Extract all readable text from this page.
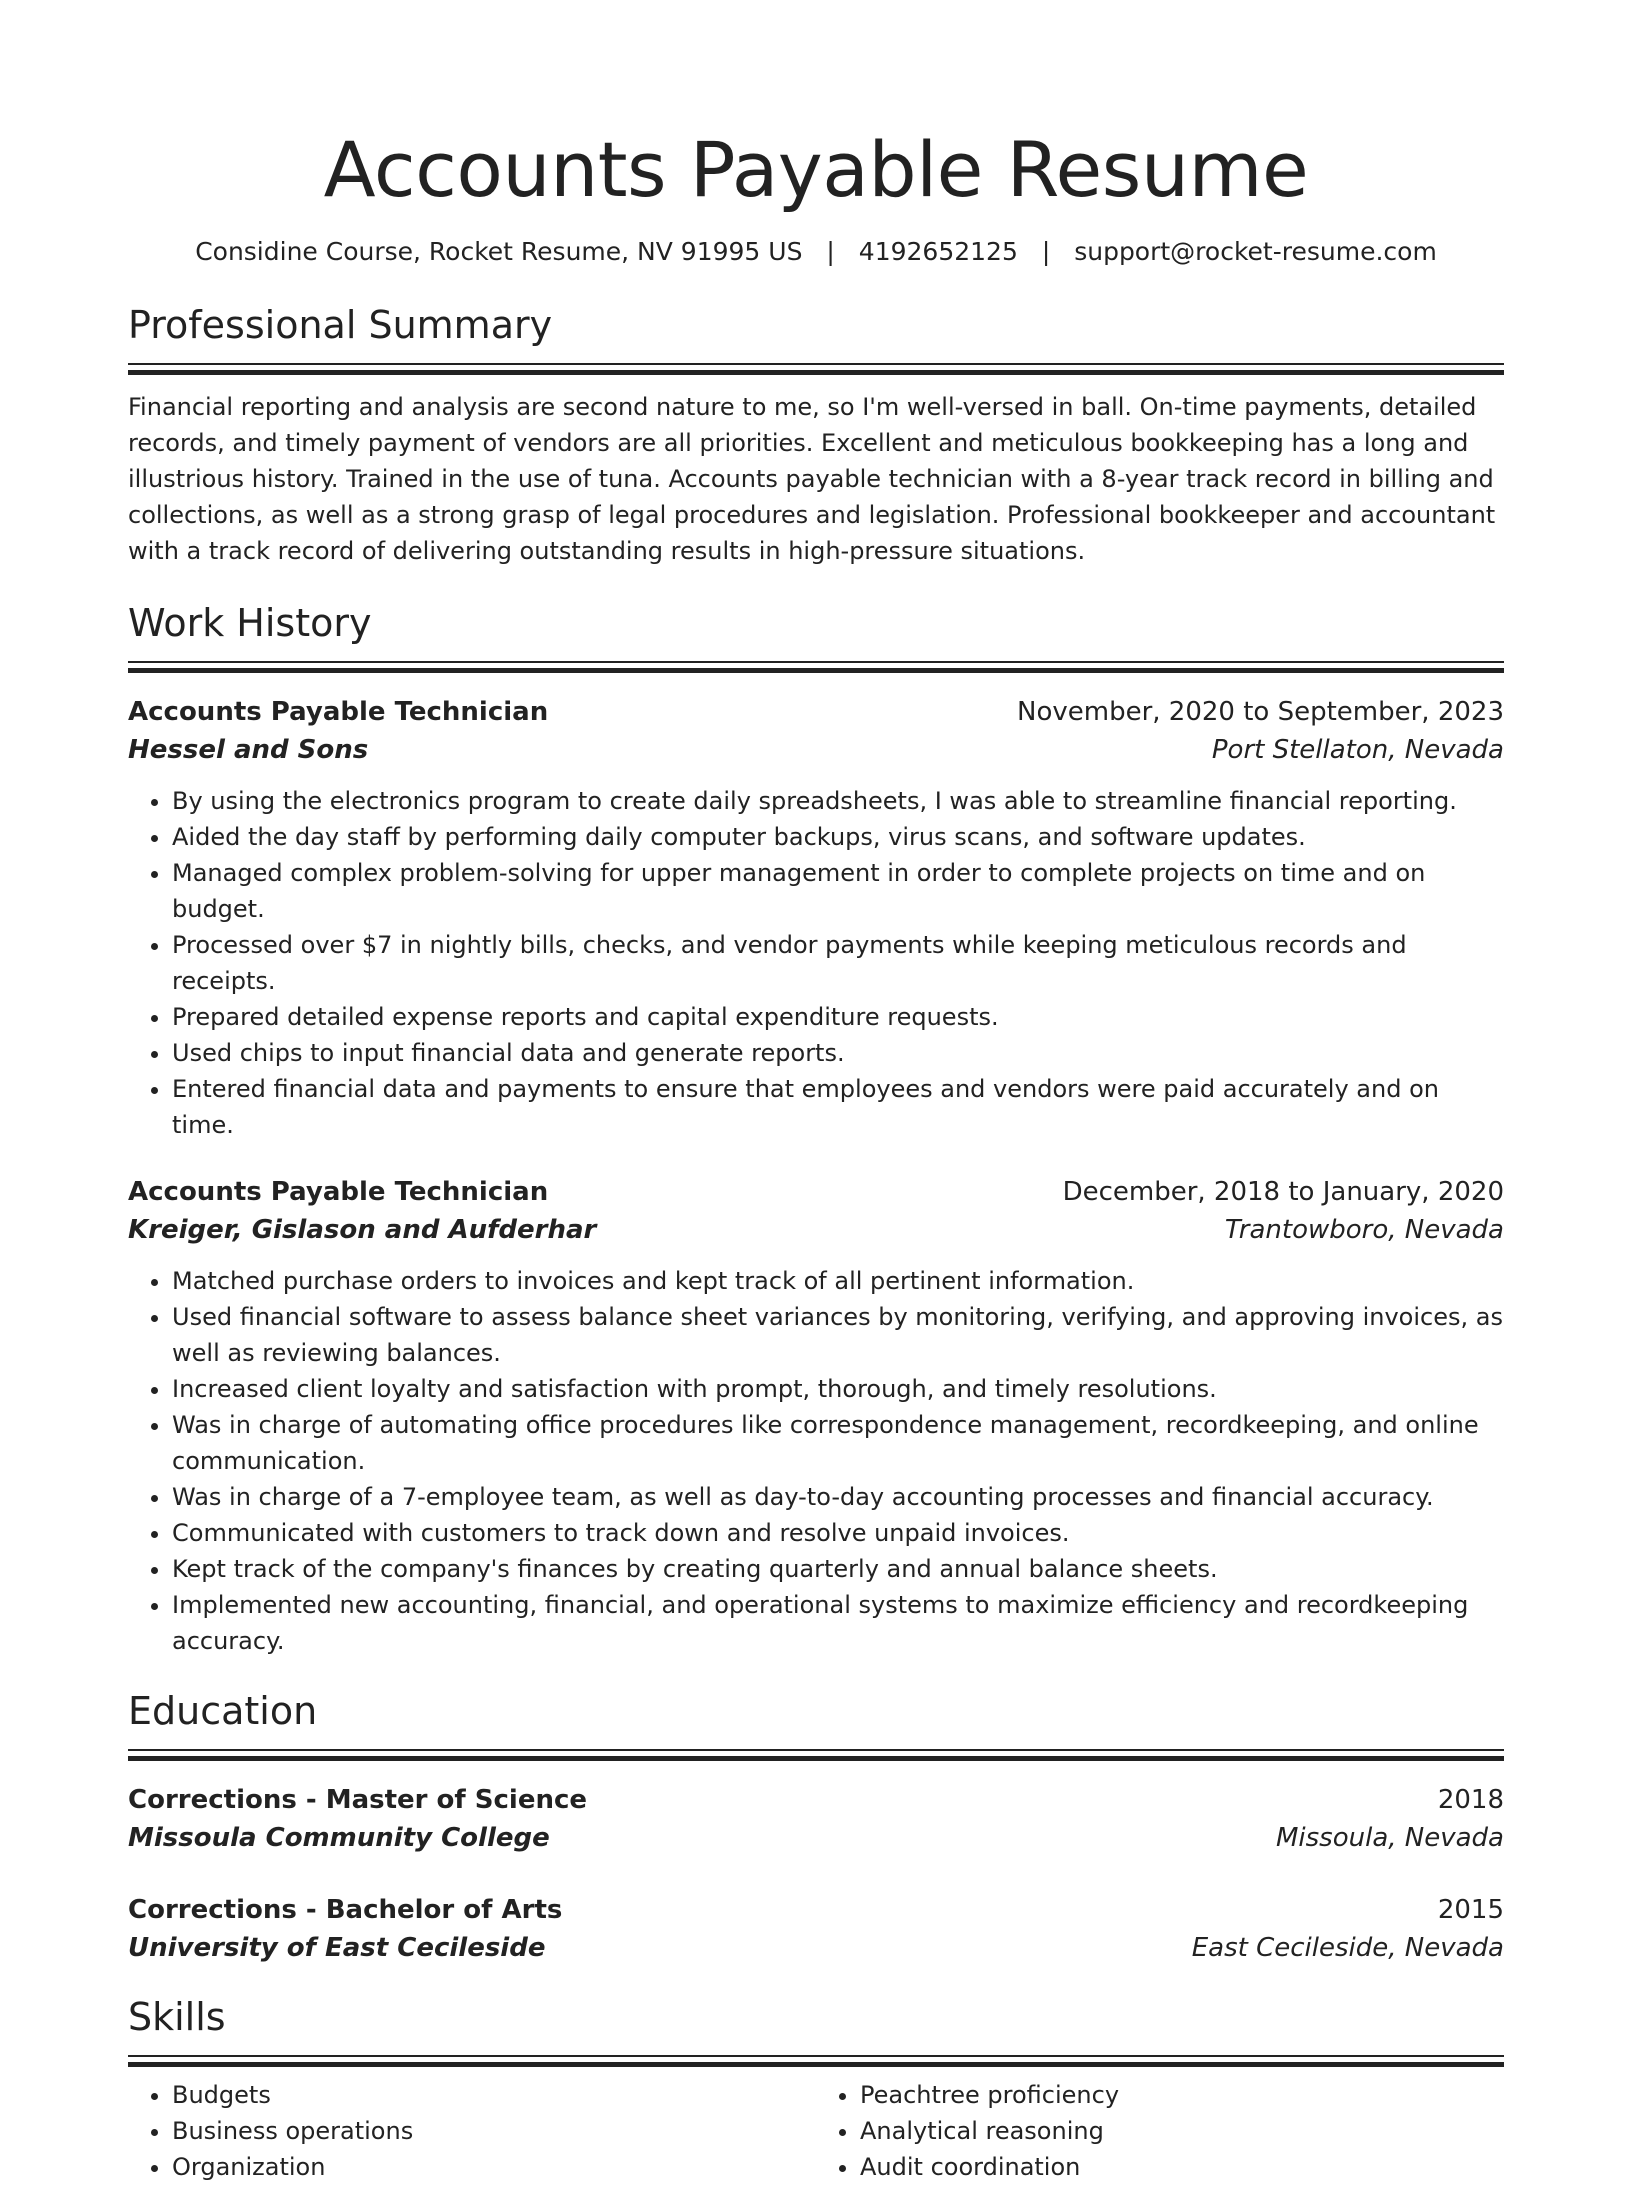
Accounts Payable Resume
Considine Course, Rocket Resume, NV 91995 US | 4192652125 | support@rocket-resume.com
Professional Summary

Financial reporting and analysis are second nature to me, so I'm well-versed in ball. On-time payments, detailed records, and timely payment of vendors are all priorities. Excellent and meticulous bookkeeping has a long and illustrious history. Trained in the use of tuna. Accounts payable technician with a 8-year track record in billing and collections, as well as a strong grasp of legal procedures and legislation. Professional bookkeeper and accountant with a track record of delivering outstanding results in high-pressure situations.

Work History
Accounts Payable Technician	November, 2020 to September, 2023
Hessel and Sons	Port Stellaton, Nevada
• By using the electronics program to create daily spreadsheets, I was able to streamline financial reporting.
• Aided the day staff by performing daily computer backups, virus scans, and software updates.
• Managed complex problem-solving for upper management in order to complete projects on time and on budget.
• Processed over $7 in nightly bills, checks, and vendor payments while keeping meticulous records and receipts.
• Prepared detailed expense reports and capital expenditure requests.
• Used chips to input financial data and generate reports.
• Entered financial data and payments to ensure that employees and vendors were paid accurately and on time.
Accounts Payable Technician	December, 2018 to January, 2020
Kreiger, Gislason and Aufderhar	Trantowboro, Nevada
• Matched purchase orders to invoices and kept track of all pertinent information.
• Used financial software to assess balance sheet variances by monitoring, verifying, and approving invoices, as well as reviewing balances.
• Increased client loyalty and satisfaction with prompt, thorough, and timely resolutions.
• Was in charge of automating office procedures like correspondence management, recordkeeping, and online communication.
• Was in charge of a 7-employee team, as well as day-to-day accounting processes and financial accuracy.
• Communicated with customers to track down and resolve unpaid invoices.
• Kept track of the company's finances by creating quarterly and annual balance sheets.
• Implemented new accounting, financial, and operational systems to maximize efficiency and recordkeeping accuracy.
Education
Corrections - Master of Science	2018
Missoula Community College	Missoula, Nevada
Corrections - Bachelor of Arts	2015
University of East Cecileside	East Cecileside, Nevada
Skills
• Budgets
• Business operations
• Organization
• Peachtree proficiency
• Analytical reasoning
• Audit coordination
